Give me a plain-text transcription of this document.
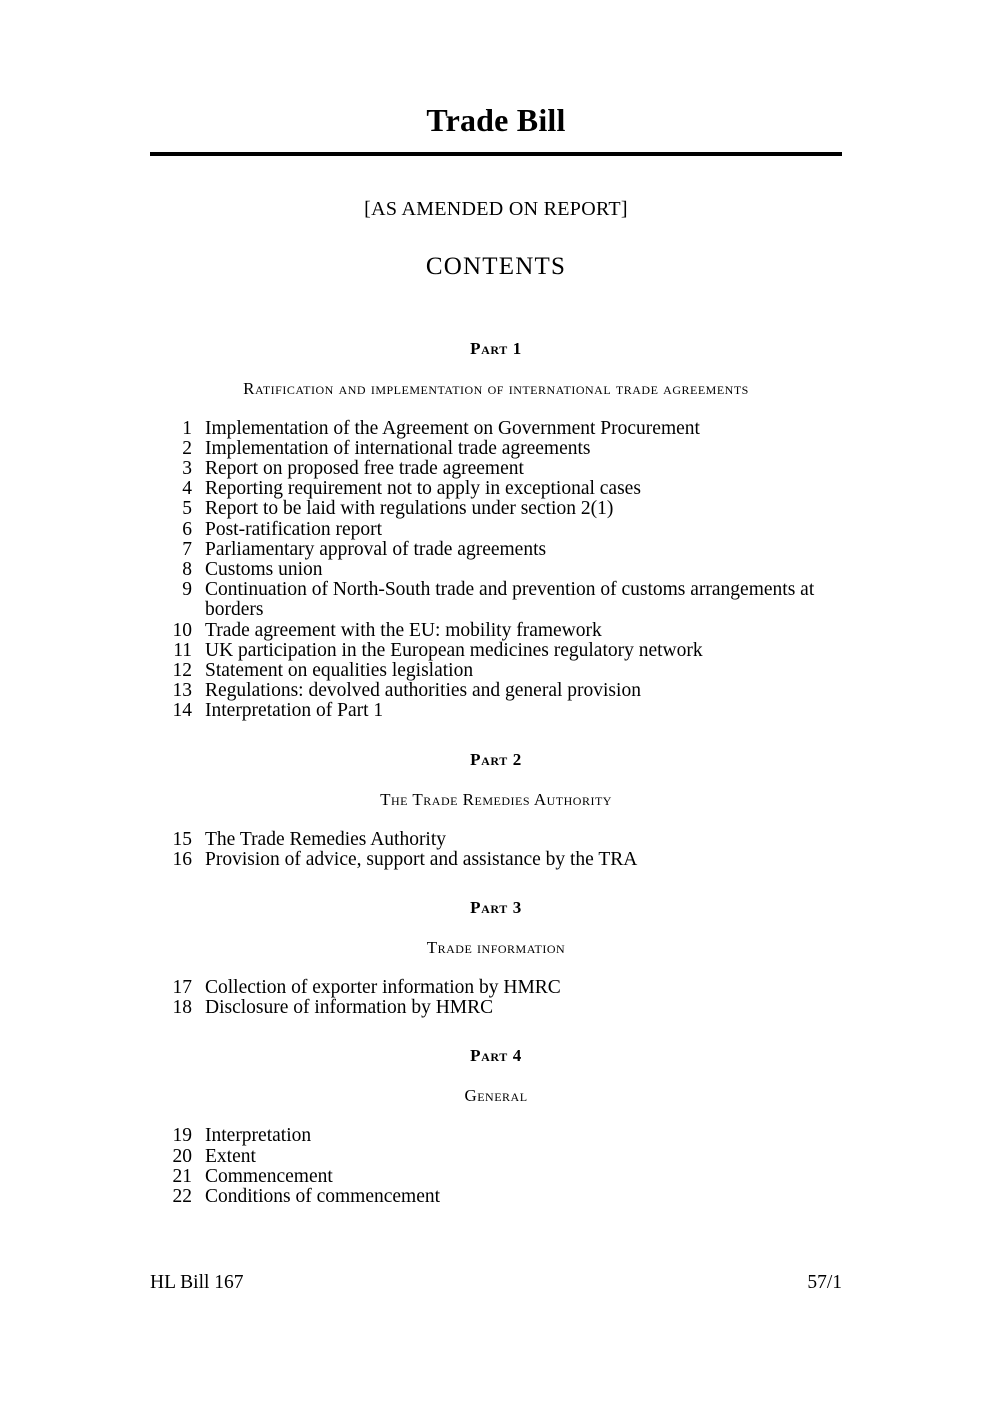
Trade Bill
[AS AMENDED ON REPORT]
CONTENTS
Part 1
Ratification and implementation of international trade agreements
1 Implementation of the Agreement on Government Procurement
2 Implementation of international trade agreements
3 Report on proposed free trade agreement
4 Reporting requirement not to apply in exceptional cases
5 Report to be laid with regulations under section 2(1)
6 Post-ratification report
7 Parliamentary approval of trade agreements
8 Customs union
9 Continuation of North-South trade and prevention of customs arrangements at borders
10 Trade agreement with the EU: mobility framework
11 UK participation in the European medicines regulatory network
12 Statement on equalities legislation
13 Regulations: devolved authorities and general provision
14 Interpretation of Part 1
Part 2
The Trade Remedies Authority
15 The Trade Remedies Authority
16 Provision of advice, support and assistance by the TRA
Part 3
Trade information
17 Collection of exporter information by HMRC
18 Disclosure of information by HMRC
Part 4
General
19 Interpretation
20 Extent
21 Commencement
22 Conditions of commencement
HL Bill 167	57/1
